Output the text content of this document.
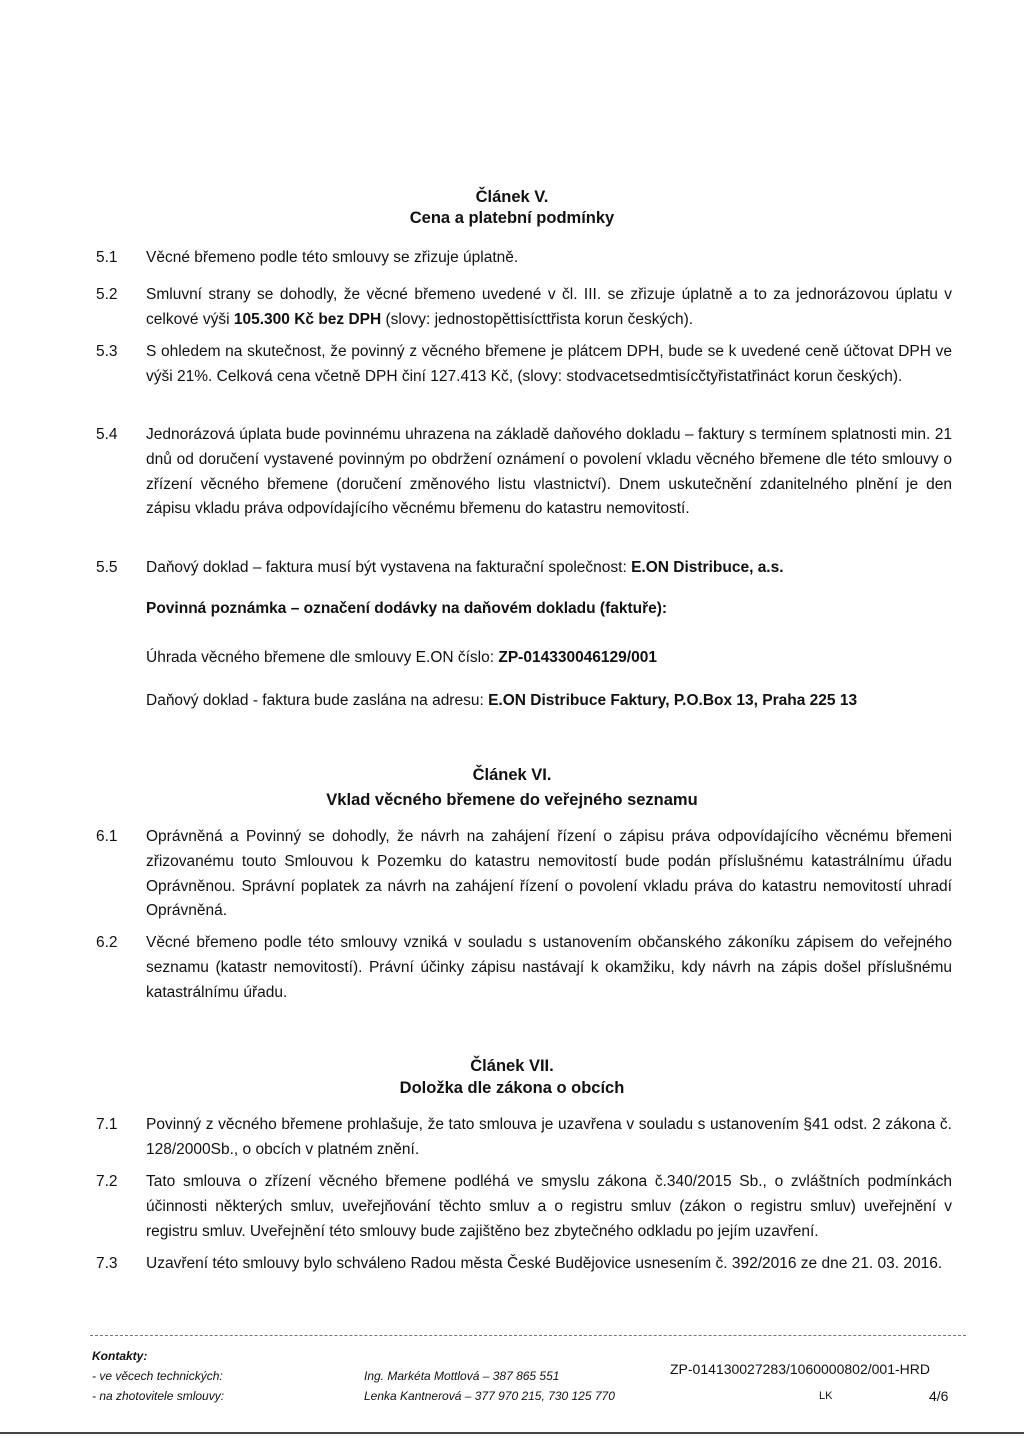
Článek V.
Cena a platební podmínky
5.1 Věcné břemeno podle této smlouvy se zřizuje úplatně.
5.2 Smluvní strany se dohodly, že věcné břemeno uvedené v čl. III. se zřizuje úplatně a to za jednorázovou úplatu v celkové výši 105.300 Kč bez DPH (slovy: jednostopěttisícttřista korun českých).
5.3 S ohledem na skutečnost, že povinný z věcného břemene je plátcem DPH, bude se k uvedené ceně účtovat DPH ve výši 21%. Celková cena včetně DPH činí 127.413 Kč, (slovy: stodvacetsedmtisícčtyřistatřináct korun českých).
5.4 Jednorázová úplata bude povinnému uhrazena na základě daňového dokladu – faktury s termínem splatnosti min. 21 dnů od doručení vystavené povinným po obdržení oznámení o povolení vkladu věcného břemene dle této smlouvy o zřízení věcného břemene (doručení změnového listu vlastnictví). Dnem uskutečnění zdanitelného plnění je den zápisu vkladu práva odpovídajícího věcnému břemenu do katastru nemovitostí.
5.5 Daňový doklad – faktura musí být vystavena na fakturační společnost: E.ON Distribuce, a.s.
Povinná poznámka – označení dodávky na daňovém dokladu (faktuře):
Úhrada věcného břemene dle smlouvy E.ON číslo: ZP-014330046129/001
Daňový doklad - faktura bude zaslána na adresu: E.ON Distribuce Faktury, P.O.Box 13, Praha 225 13
Článek VI.
Vklad věcného břemene do veřejného seznamu
6.1 Oprávněná a Povinný se dohodly, že návrh na zahájení řízení o zápisu práva odpovídajícího věcnému břemeni zřizovanému touto Smlouvou k Pozemku do katastru nemovitostí bude podán příslušnému katastrálnímu úřadu Oprávněnou. Správní poplatek za návrh na zahájení řízení o povolení vkladu práva do katastru nemovitostí uhradí Oprávněná.
6.2 Věcné břemeno podle této smlouvy vzniká v souladu s ustanovením občanského zákoníku zápisem do veřejného seznamu (katastr nemovitostí). Právní účinky zápisu nastávají k okamžiku, kdy návrh na zápis došel příslušnému katastrálnímu úřadu.
Článek VII.
Doložka dle zákona o obcích
7.1 Povinný z věcného břemene prohlašuje, že tato smlouva je uzavřena v souladu s ustanovením §41 odst. 2 zákona č. 128/2000Sb., o obcích v platném znění.
7.2 Tato smlouva o zřízení věcného břemene podléhá ve smyslu zákona č.340/2015 Sb., o zvláštních podmínkách účinnosti některých smluv, uveřejňování těchto smluv a o registru smluv (zákon o registru smluv) uveřejnění v registru smluv. Uveřejnění této smlouvy bude zajištěno bez zbytečného odkladu po jejím uzavření.
7.3 Uzavření této smlouvy bylo schváleno Radou města České Budějovice usnesením č. 392/2016 ze dne 21. 03. 2016.
Kontakty:
- ve věcech technických:	Ing. Markéta Mottlová – 387 865 551
- na zhotovitele smlouvy:	Lenka Kantnerová – 377 970 215, 730 125 770
ZP-014130027283/1060000802/001-HRD
LK	4/6
